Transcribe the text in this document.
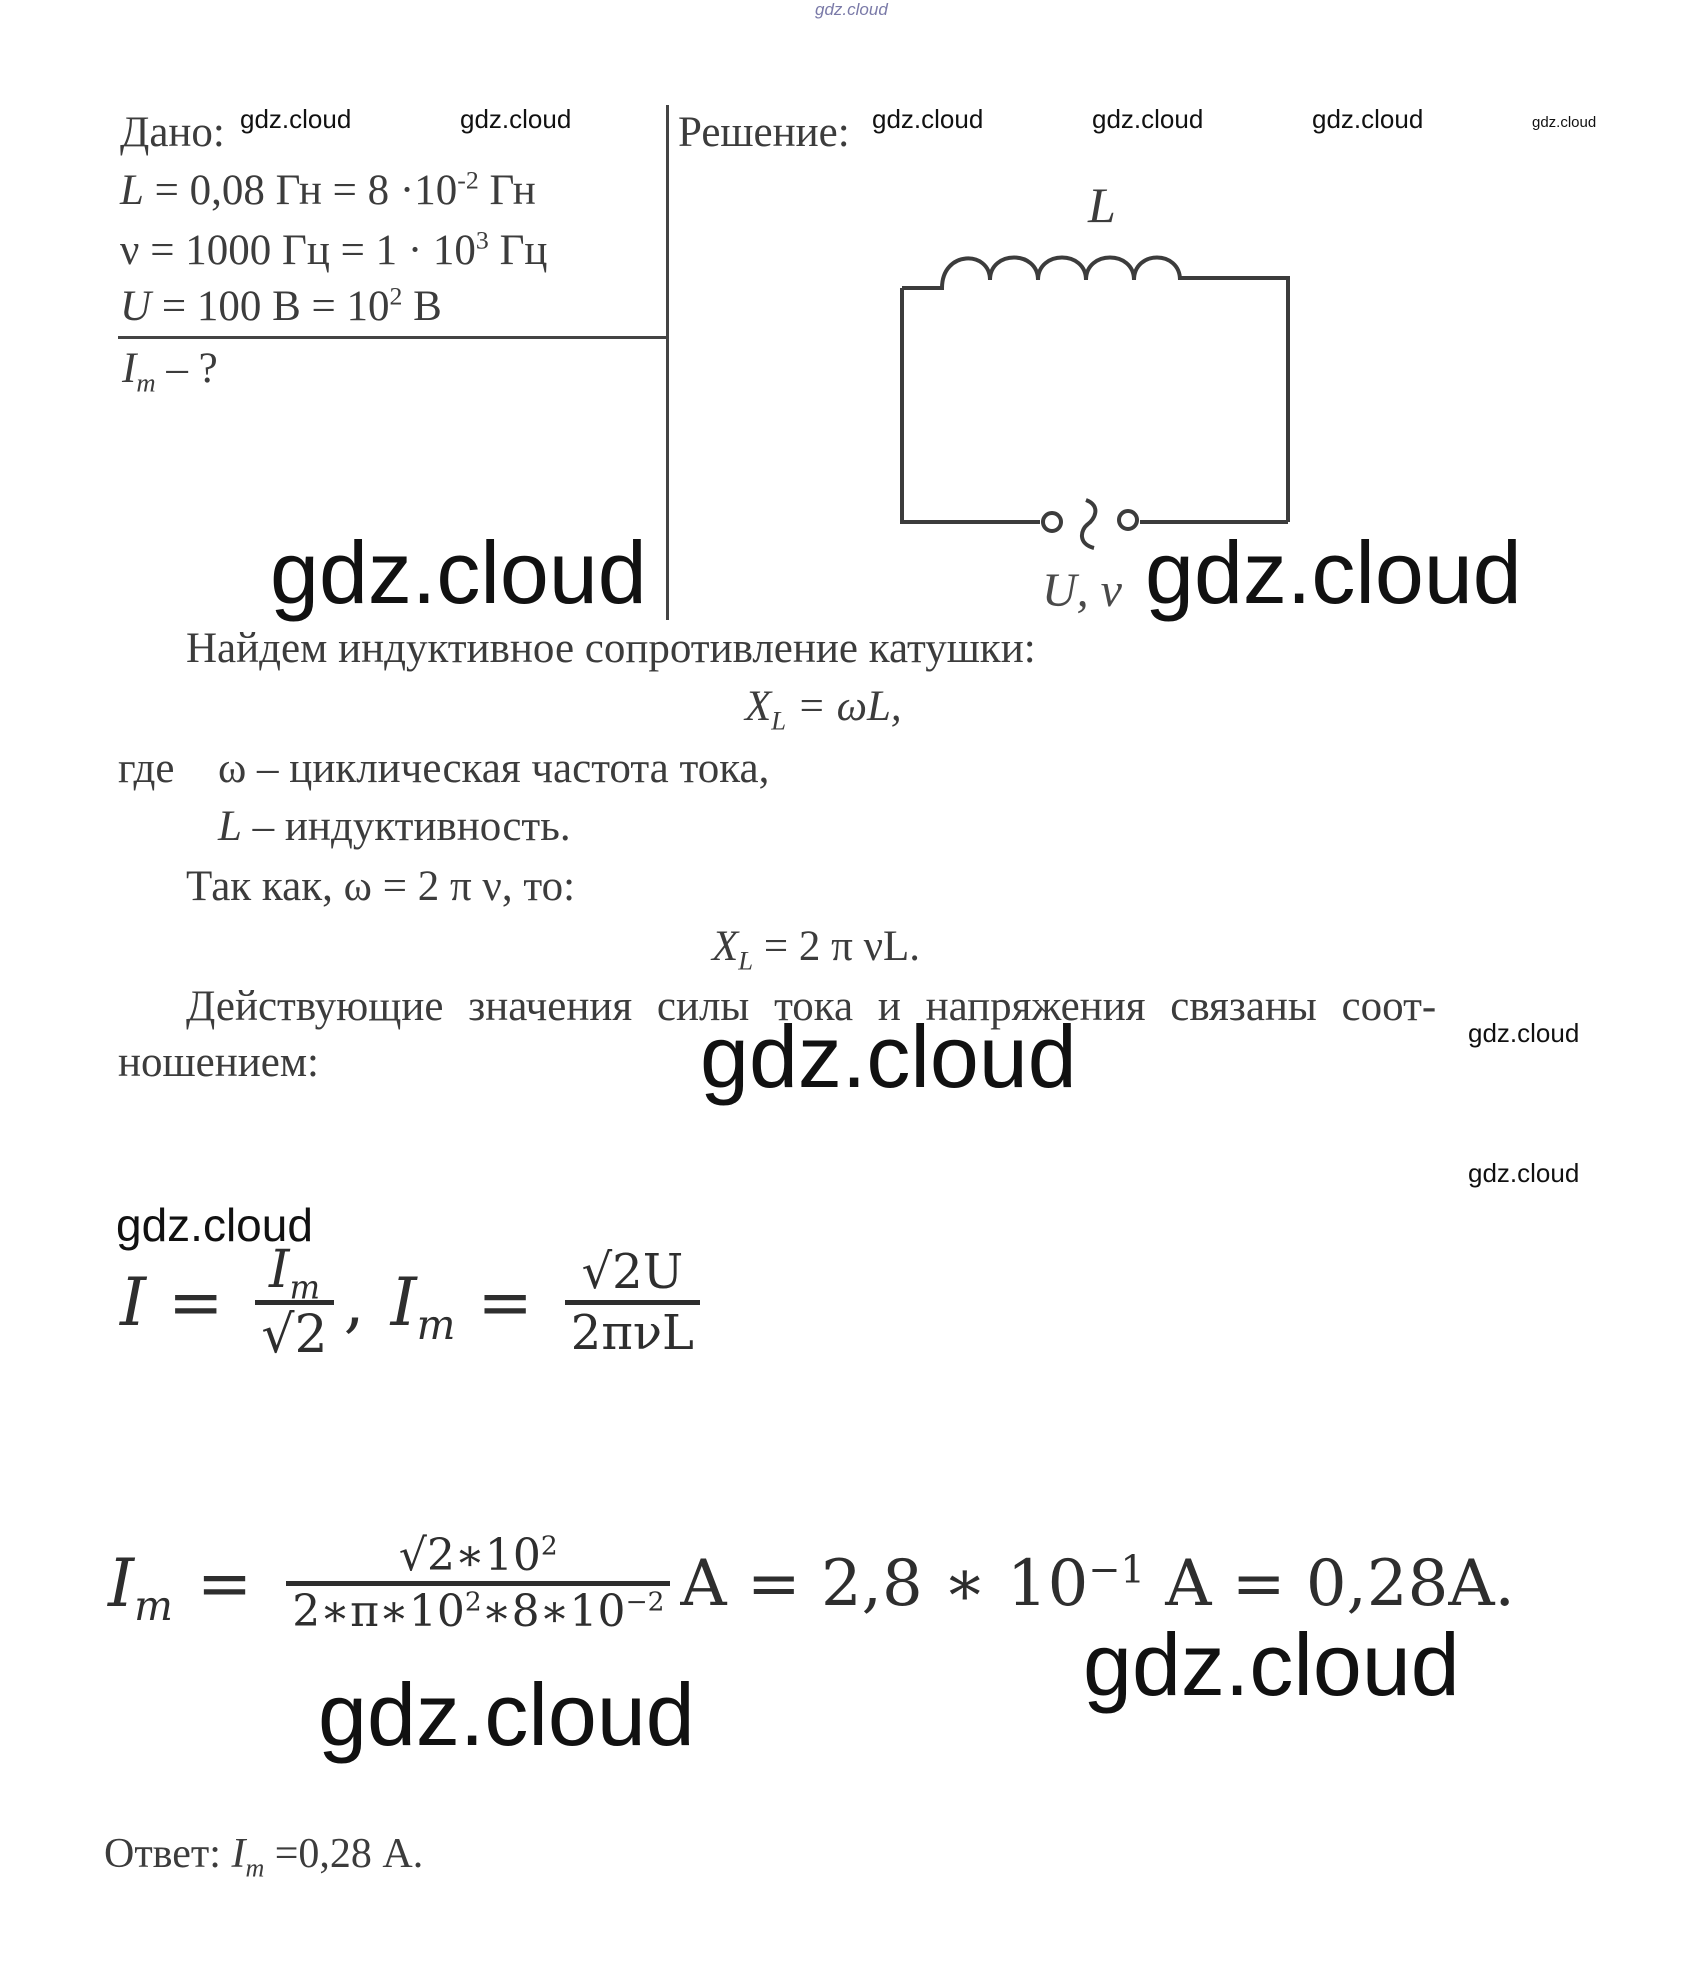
gdz.cloud
Дано:
L = 0,08 Гн = $8 \cdot 10^{-2}$ Гн
ν = 1000 Гц = $1 \cdot 10^3$ Гц
U = 100 $В = 10^2$ В
$I_m$ – ?
Решение:
L
U, ν
Найдем индуктивное сопротивление катушки:
$X_L = \omega L$,
где ω – циклическая частота тока,
L – индуктивность.
Так как, ω = 2 π ν, то:
$X_L = 2$ π νL.
Действующие значения силы тока и напряжения связаны соот-
ношением:
$I = I_m$
√2 , $I_m = √2U$
2πνL
$I_m$ =	$√2∗10^2$
$2∗\pi∗10^2∗8∗10^{-2}$ A = 2,8 ∗ $10^{-1}$ A = 0,28A.
Ответ: $I_m =0,28$ А.
gdz.cloud	gdz.cloud	gdz.cloud	gdz.cloud	gdz.cloud	gdz.cloud
gdz.cloud	gdz.cloud
gdz.cloud	gdz.cloud
gdz.cloud
gdz.cloud
gdz.cloud
gdz.cloud
